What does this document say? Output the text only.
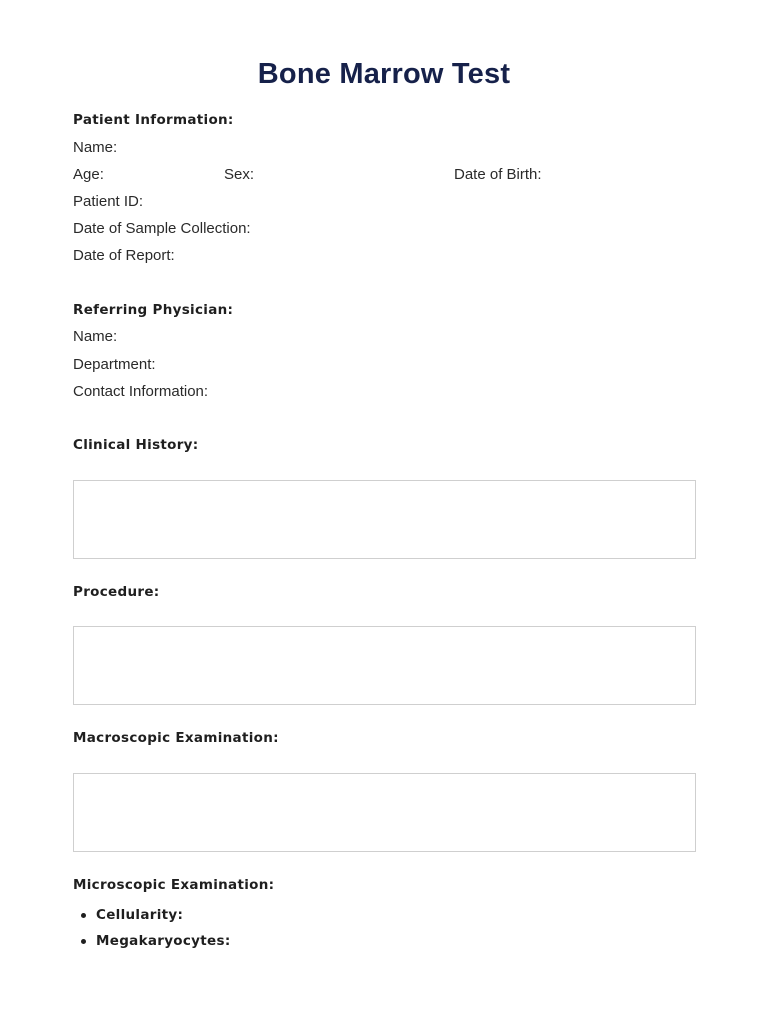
Bone Marrow Test
Patient Information:
Name:
Age:	Sex:	Date of Birth:
Patient ID:
Date of Sample Collection:
Date of Report:
Referring Physician:
Name:
Department:
Contact Information:
Clinical History:
Procedure:
Macroscopic Examination:
Microscopic Examination:
Cellularity:
Megakaryocytes:
